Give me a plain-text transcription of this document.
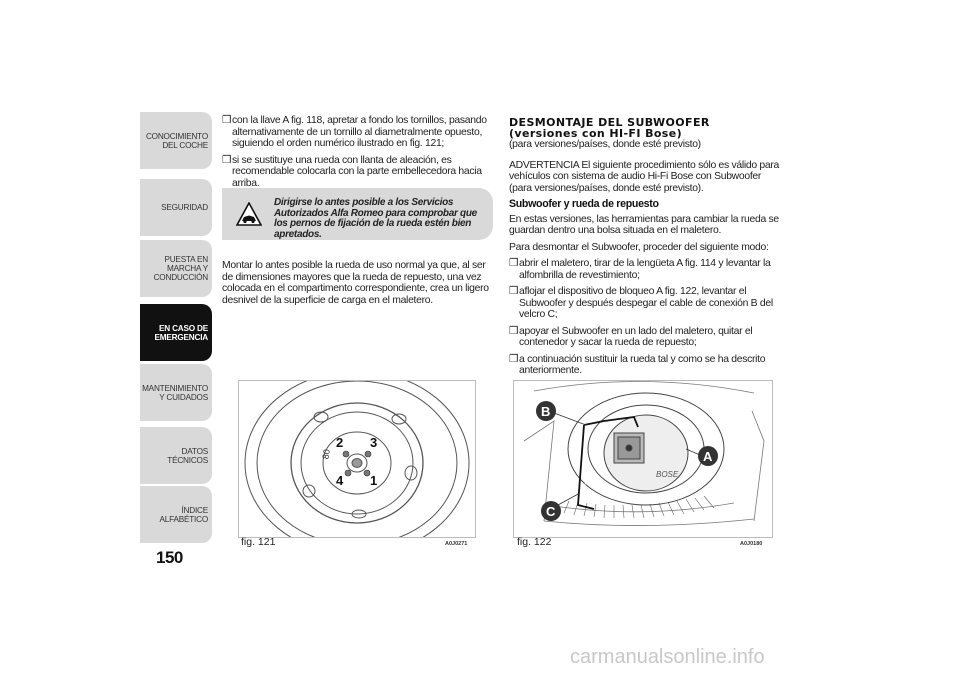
CONOCIMIENTO DEL COCHE
SEGURIDAD
PUESTA EN MARCHA Y CONDUCCIÓN
EN CASO DE EMERGENCIA
MANTENIMIENTO Y CUIDADOS
DATOS TÉCNICOS
ÍNDICE ALFABÉTICO
150
❒con la llave A fig. 118, apretar a fondo los tornillos, pasando alternativamente de un tornillo al diametralmente opuesto, siguiendo el orden numérico ilustrado en fig. 121;
❒si se sustituye una rueda con llanta de aleación, es recomendable colocarla con la parte embellecedora hacia arriba.
Dirigirse lo antes posible a los Servicios Autorizados Alfa Romeo para comprobar que los pernos de fijación de la rueda estén bien apretados.

Montar lo antes posible la rueda de uso normal ya que, al ser de dimensiones mayores que la rueda de repuesto, una vez colocada en el compartimento correspondiente, crea un ligero desnivel de la superficie de carga en el maletero.

DESMONTAJE DEL SUBWOOFER
(versiones con HI-FI Bose)

(para versiones/países, donde esté previsto)

ADVERTENCIA El siguiente procedimiento sólo es válido para vehículos con sistema de audio Hi-Fi Bose con Subwoofer (para versiones/países, donde esté previsto).

Subwoofer y rueda de repuesto

En estas versiones, las herramientas para cambiar la rueda se guardan dentro una bolsa situada en el maletero.

Para desmontar el Subwoofer, proceder del siguiente modo:

❒abrir el maletero, tirar de la lengüeta A fig. 114 y levantar la alfombrilla de revestimiento;
❒aflojar el dispositivo de bloqueo A fig. 122, levantar el Subwoofer y después despegar el cable de conexión B del velcro C;
❒apoyar el Subwoofer en un lado del maletero, quitar el contenedor y sacar la rueda de repuesto;
❒a continuación sustituir la rueda tal y como se ha descrito anteriormente.
2 3
4 1
80
fig. 121	A0J0271
BOSE
B
A
C
fig. 122	A0J0180
carmanualsonline.info
